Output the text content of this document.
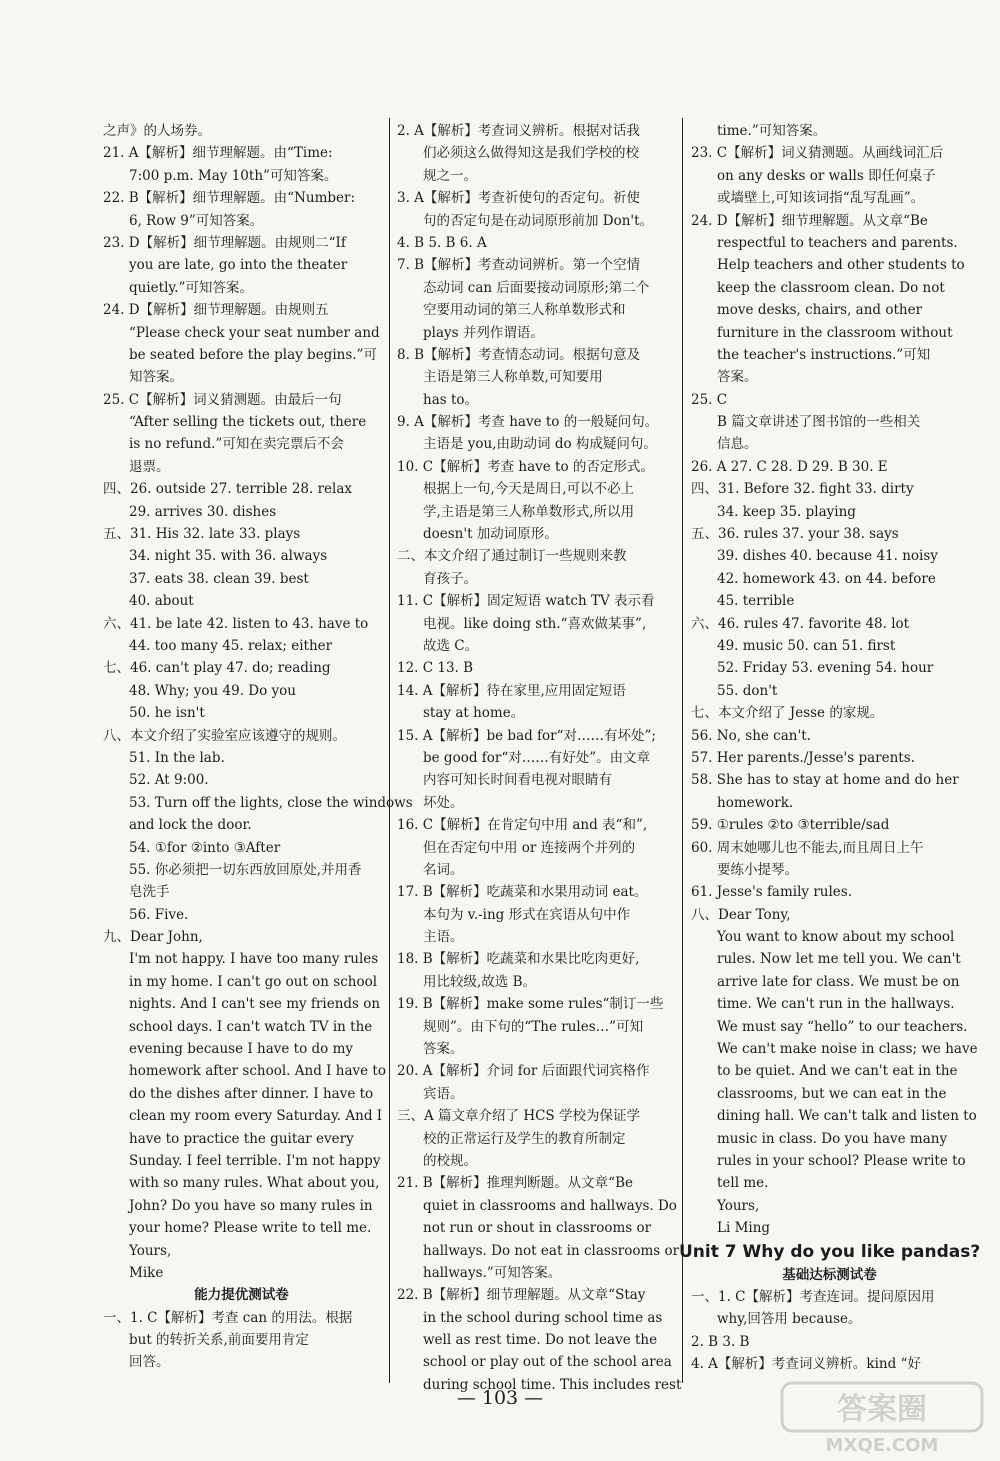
之声》的人场券。
21. A【解析】细节理解题。由“Time:
7:00 p.m. May 10th”可知答案。
22. B【解析】细节理解题。由“Number:
6, Row 9”可知答案。
23. D【解析】细节理解题。由规则二“If
you are late, go into the theater
quietly.”可知答案。
24. D【解析】细节理解题。由规则五
“Please check your seat number and
be seated before the play begins.”可
知答案。
25. C【解析】词义猜测题。由最后一句
“After selling the tickets out, there
is no refund.”可知在卖完票后不会
退票。
四、26. outside 27. terrible 28. relax
29. arrives 30. dishes
五、31. His 32. late 33. plays
34. night 35. with 36. always
37. eats 38. clean 39. best
40. about
六、41. be late 42. listen to 43. have to
44. too many 45. relax; either
七、46. can't play 47. do; reading
48. Why; you 49. Do you
50. he isn't
八、本文介绍了实验室应该遵守的规则。
51. In the lab.
52. At 9:00.
53. Turn off the lights, close the windows
and lock the door.
54. ①for ②into ③After
55. 你必须把一切东西放回原处,并用香
皂洗手
56. Five.
九、Dear John,
I'm not happy. I have too many rules
in my home. I can't go out on school
nights. And I can't see my friends on
school days. I can't watch TV in the
evening because I have to do my
homework after school. And I have to
do the dishes after dinner. I have to
clean my room every Saturday. And I
have to practice the guitar every
Sunday. I feel terrible. I'm not happy
with so many rules. What about you,
John? Do you have so many rules in
your home? Please write to tell me.
Yours,
Mike
能力提优测试卷
一、1. C【解析】考查 can 的用法。根据
but 的转折关系,前面要用肯定
回答。
2. A【解析】考查词义辨析。根据对话我
们必须这么做得知这是我们学校的校
规之一。
3. A【解析】考查祈使句的否定句。祈使
句的否定句是在动词原形前加 Don't。
4. B 5. B 6. A
7. B【解析】考查动词辨析。第一个空情
态动词 can 后面要接动词原形;第二个
空要用动词的第三人称单数形式和
plays 并列作谓语。
8. B【解析】考查情态动词。根据句意及
主语是第三人称单数,可知要用
has to。
9. A【解析】考查 have to 的一般疑问句。
主语是 you,由助动词 do 构成疑问句。
10. C【解析】考查 have to 的否定形式。
根据上一句,今天是周日,可以不必上
学,主语是第三人称单数形式,所以用
doesn't 加动词原形。
二、本文介绍了通过制订一些规则来教
育孩子。
11. C【解析】固定短语 watch TV 表示看
电视。like doing sth.“喜欢做某事”,
故选 C。
12. C 13. B
14. A【解析】待在家里,应用固定短语
stay at home。
15. A【解析】be bad for“对……有坏处”;
be good for“对……有好处”。由文章
内容可知长时间看电视对眼睛有
坏处。
16. C【解析】在肯定句中用 and 表“和”,
但在否定句中用 or 连接两个并列的
名词。
17. B【解析】吃蔬菜和水果用动词 eat。
本句为 v.-ing 形式在宾语从句中作
主语。
18. B【解析】吃蔬菜和水果比吃肉更好,
用比较级,故选 B。
19. B【解析】make some rules“制订一些
规则”。由下句的“The rules…”可知
答案。
20. A【解析】介词 for 后面跟代词宾格作
宾语。
三、A 篇文章介绍了 HCS 学校为保证学
校的正常运行及学生的教育所制定
的校规。
21. B【解析】推理判断题。从文章“Be
quiet in classrooms and hallways. Do
not run or shout in classrooms or
hallways. Do not eat in classrooms or
hallways.”可知答案。
22. B【解析】细节理解题。从文章“Stay
in the school during school time as
well as rest time. Do not leave the
school or play out of the school area
during school time. This includes rest
time.”可知答案。
23. C【解析】词义猜测题。从画线词汇后
on any desks or walls 即任何桌子
或墙壁上,可知该词指“乱写乱画”。
24. D【解析】细节理解题。从文章“Be
respectful to teachers and parents.
Help teachers and other students to
keep the classroom clean. Do not
move desks, chairs, and other
furniture in the classroom without
the teacher's instructions.”可知
答案。
25. C
B 篇文章讲述了图书馆的一些相关
信息。
26. A 27. C 28. D 29. B 30. E
四、31. Before 32. fight 33. dirty
34. keep 35. playing
五、36. rules 37. your 38. says
39. dishes 40. because 41. noisy
42. homework 43. on 44. before
45. terrible
六、46. rules 47. favorite 48. lot
49. music 50. can 51. first
52. Friday 53. evening 54. hour
55. don't
七、本文介绍了 Jesse 的家规。
56. No, she can't.
57. Her parents./Jesse's parents.
58. She has to stay at home and do her
homework.
59. ①rules ②to ③terrible/sad
60. 周末她哪儿也不能去,而且周日上午
要练小提琴。
61. Jesse's family rules.
八、Dear Tony,
You want to know about my school
rules. Now let me tell you. We can't
arrive late for class. We must be on
time. We can't run in the hallways.
We must say “hello” to our teachers.
We can't make noise in class; we have
to be quiet. And we can't eat in the
classrooms, but we can eat in the
dining hall. We can't talk and listen to
music in class. Do you have many
rules in your school? Please write to
tell me.
Yours,
Li Ming
Unit 7 Why do you like pandas?
基础达标测试卷
一、1. C【解析】考查连词。提问原因用
why,回答用 because。
2. B 3. B
4. A【解析】考查词义辨析。kind “好
— 103 —	答案圈
MXQE.COM
